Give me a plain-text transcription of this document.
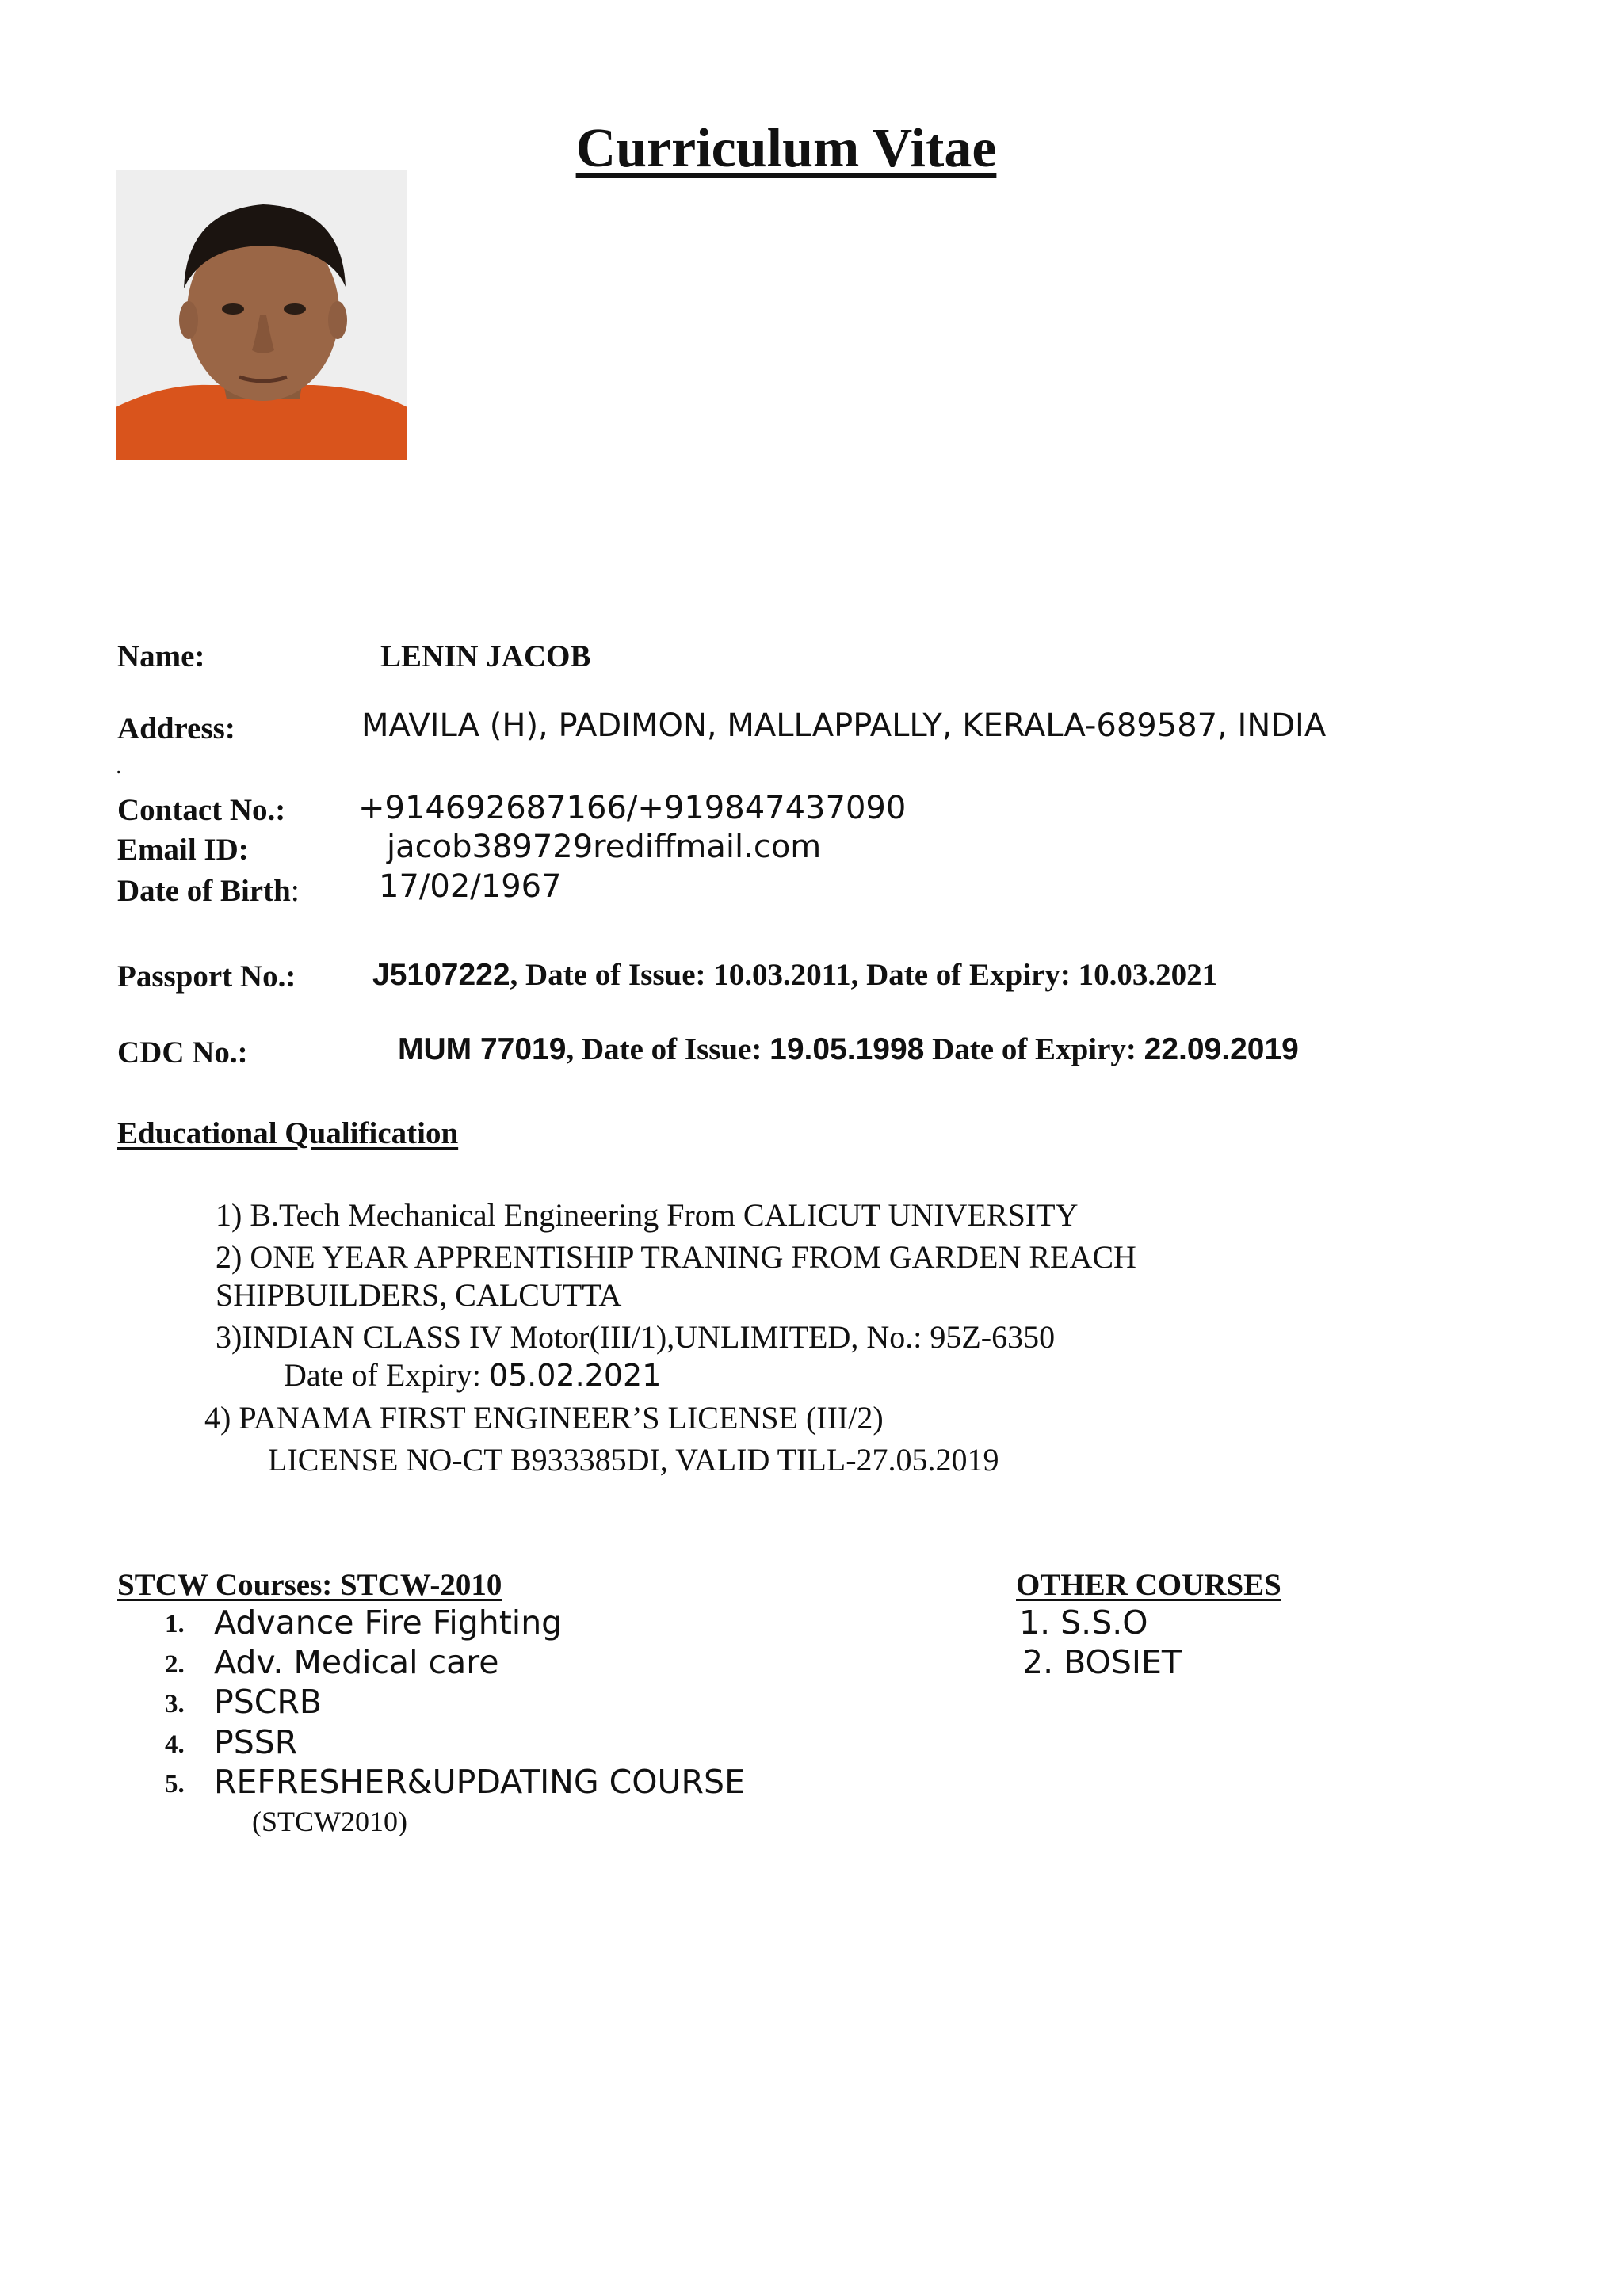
Curriculum Vitae
Name:	LENIN JACOB
Address:	MAVILA (H), PADIMON, MALLAPPALLY, KERALA-689587, INDIA
.
Contact No.: +914692687166/+919847437090
Email ID:	jacob389729rediffmail.com
Date of Birth:	17/02/1967
Passport No.: J5107222, Date of Issue: 10.03.2011, Date of Expiry: 10.03.2021
CDC No.:	MUM 77019, Date of Issue: 19.05.1998 Date of Expiry: 22.09.2019
Educational Qualification
1) B.Tech Mechanical Engineering From CALICUT UNIVERSITY
2) ONE YEAR APPRENTISHIP TRANING FROM GARDEN REACH
SHIPBUILDERS, CALCUTTA
3)INDIAN CLASS IV Motor(III/1),UNLIMITED, No.: 95Z-6350
Date of Expiry: 05.02.2021
4) PANAMA FIRST ENGINEER’S LICENSE (III/2)
LICENSE NO-CT B933385DI, VALID TILL-27.05.2019
STCW Courses: STCW-2010
1. Advance Fire Fighting
2. Adv. Medical care
3. PSCRB
4. PSSR
5. REFRESHER&UPDATING COURSE
(STCW2010)
OTHER COURSES
1. S.S.O
2. BOSIET
